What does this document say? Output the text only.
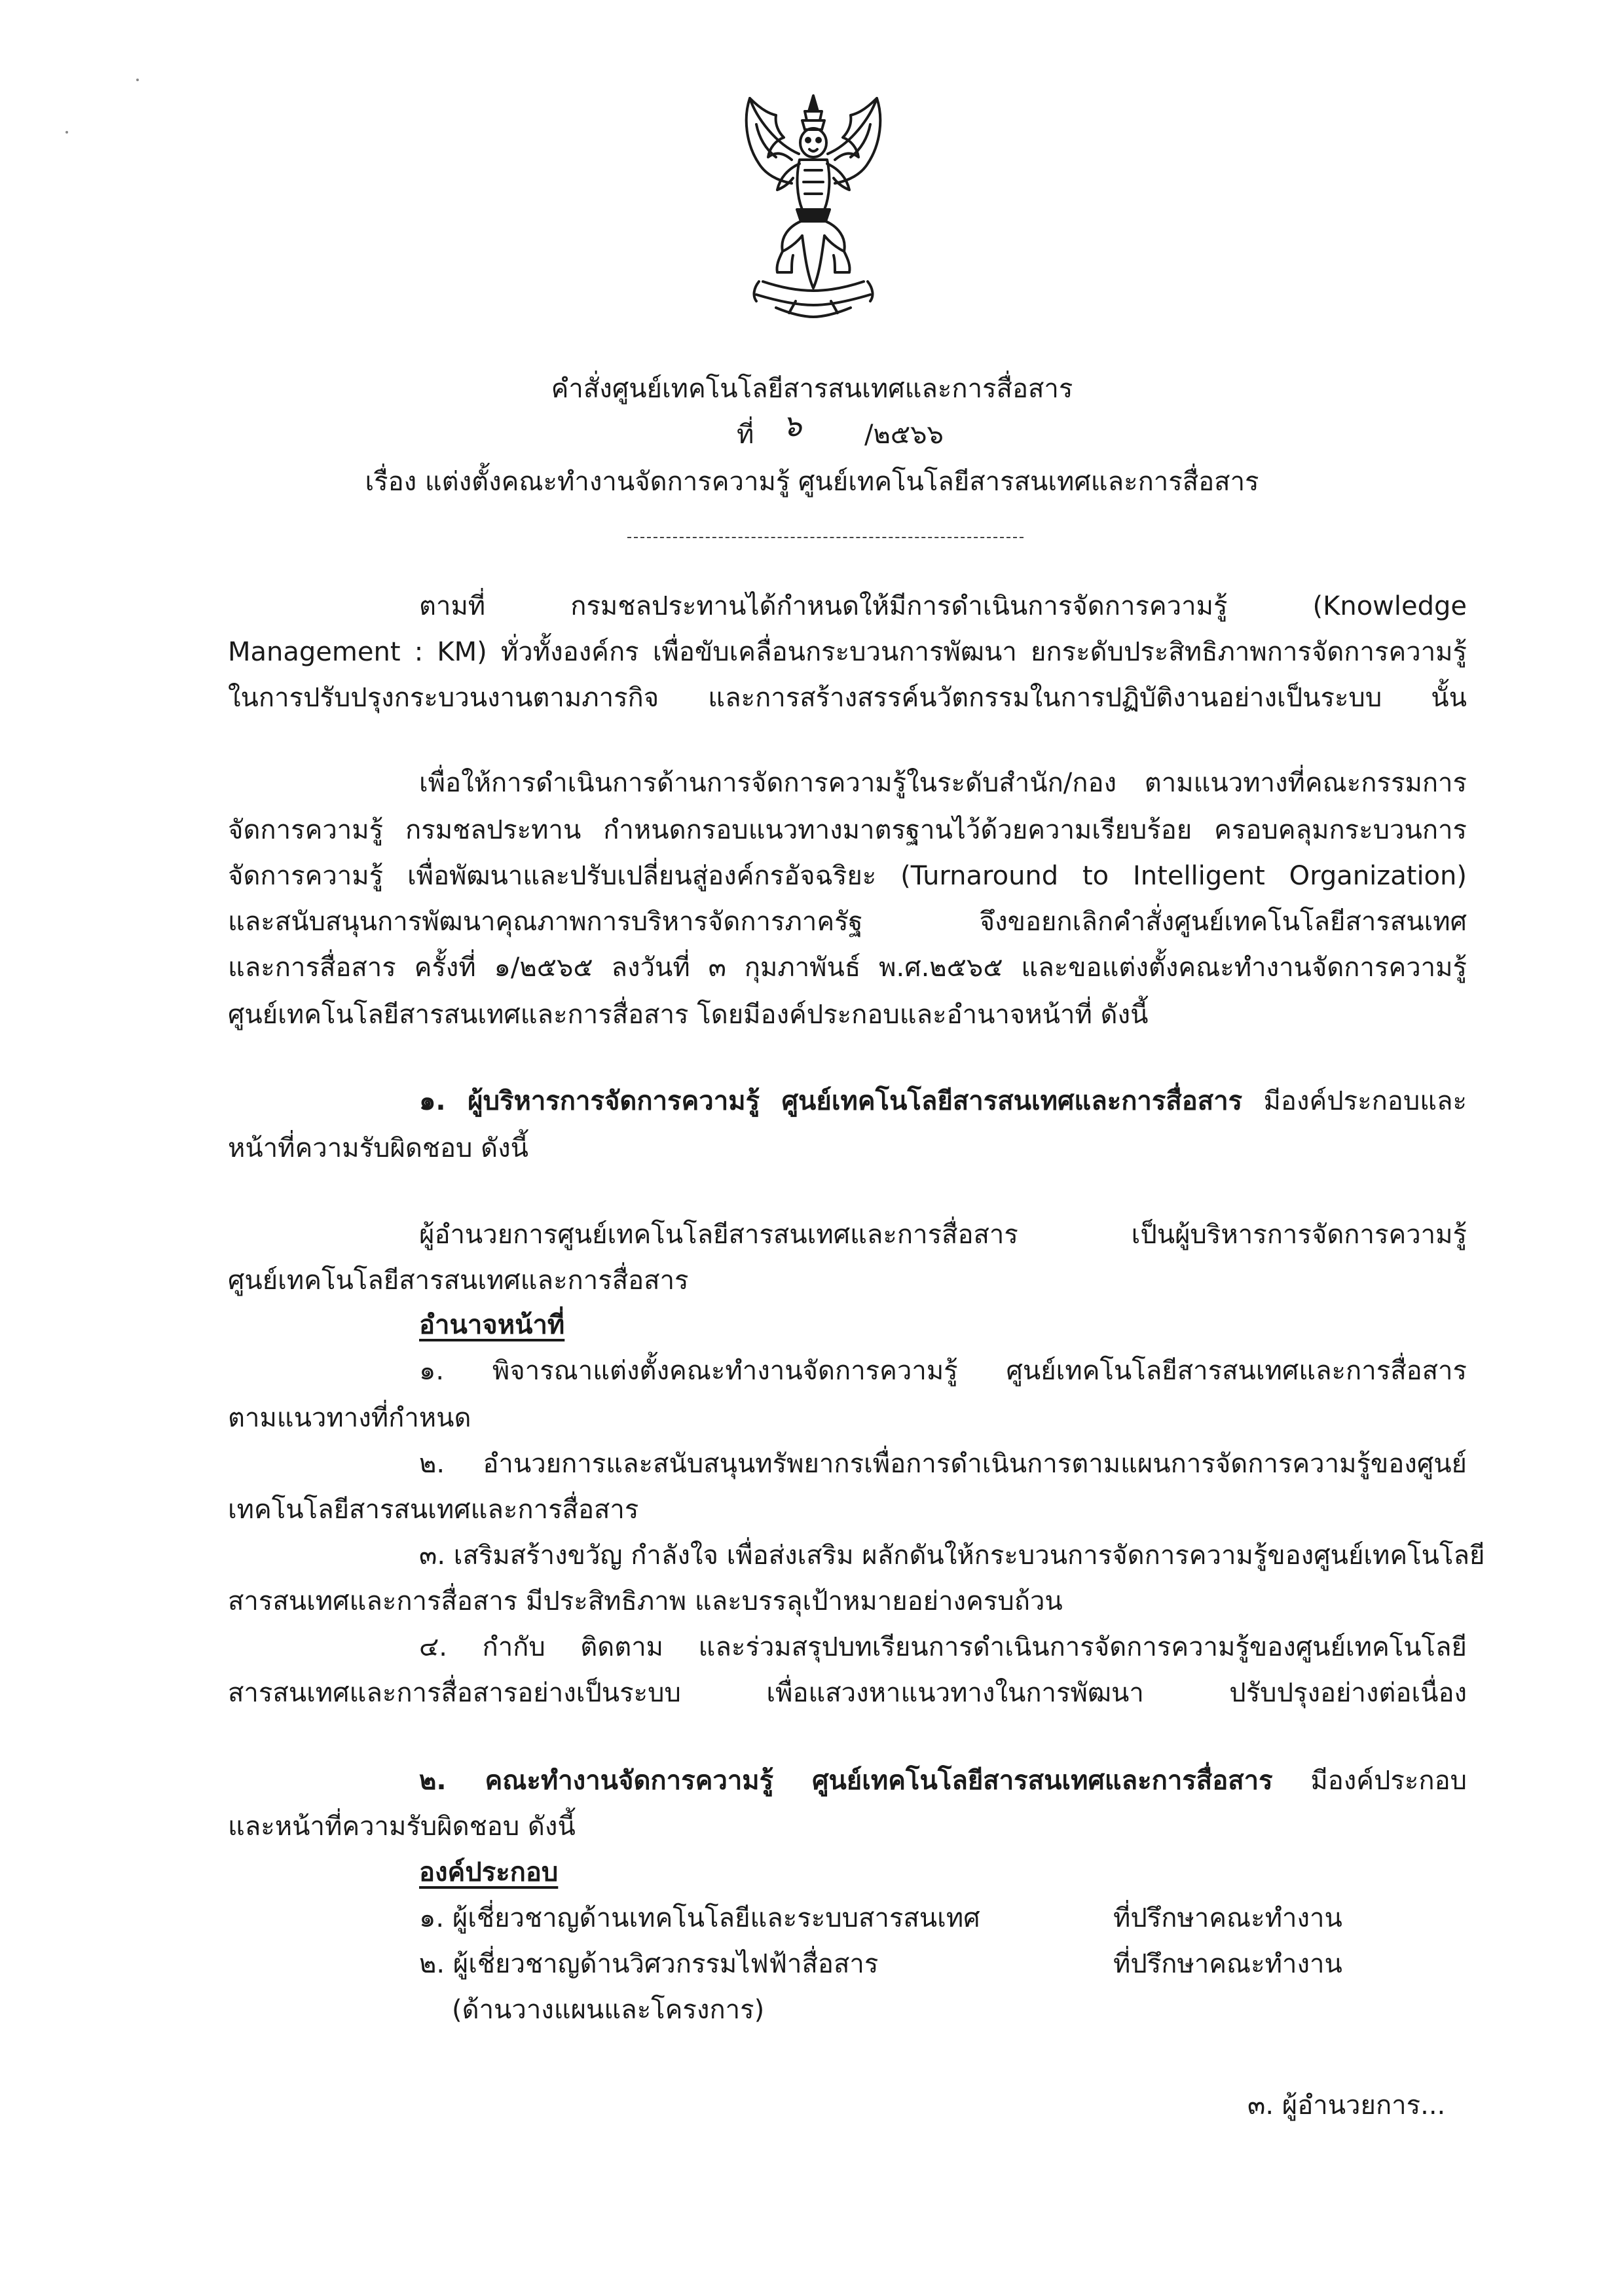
คำสั่งศูนย์เทคโนโลยีสารสนเทศและการสื่อสาร
ที่ ๖ /๒๕๖๖
เรื่อง แต่งตั้งคณะทำงานจัดการความรู้ ศูนย์เทคโนโลยีสารสนเทศและการสื่อสาร
ตามที่ กรมชลประทานได้กำหนดให้มีการดำเนินการจัดการความรู้ (Knowledge
Management : KM) ทั่วทั้งองค์กร เพื่อขับเคลื่อนกระบวนการพัฒนา ยกระดับประสิทธิภาพการจัดการความรู้
ในการปรับปรุงกระบวนงานตามภารกิจ และการสร้างสรรค์นวัตกรรมในการปฏิบัติงานอย่างเป็นระบบ นั้น
เพื่อให้การดำเนินการด้านการจัดการความรู้ในระดับสำนัก/กอง ตามแนวทางที่คณะกรรมการ
จัดการความรู้ กรมชลประทาน กำหนดกรอบแนวทางมาตรฐานไว้ด้วยความเรียบร้อย ครอบคลุมกระบวนการ
จัดการความรู้ เพื่อพัฒนาและปรับเปลี่ยนสู่องค์กรอัจฉริยะ (Turnaround to Intelligent Organization)
และสนับสนุนการพัฒนาคุณภาพการบริหารจัดการภาครัฐ จึงขอยกเลิกคำสั่งศูนย์เทคโนโลยีสารสนเทศ
และการสื่อสาร ครั้งที่ ๑/๒๕๖๕ ลงวันที่ ๓ กุมภาพันธ์ พ.ศ.๒๕๖๕ และขอแต่งตั้งคณะทำงานจัดการความรู้
ศูนย์เทคโนโลยีสารสนเทศและการสื่อสาร โดยมีองค์ประกอบและอำนาจหน้าที่ ดังนี้
๑. ผู้บริหารการจัดการความรู้ ศูนย์เทคโนโลยีสารสนเทศและการสื่อสาร มีองค์ประกอบและ
หน้าที่ความรับผิดชอบ ดังนี้
ผู้อำนวยการศูนย์เทคโนโลยีสารสนเทศและการสื่อสาร เป็นผู้บริหารการจัดการความรู้
ศูนย์เทคโนโลยีสารสนเทศและการสื่อสาร
อำนาจหน้าที่
๑. พิจารณาแต่งตั้งคณะทำงานจัดการความรู้ ศูนย์เทคโนโลยีสารสนเทศและการสื่อสาร
ตามแนวทางที่กำหนด
๒. อำนวยการและสนับสนุนทรัพยากรเพื่อการดำเนินการตามแผนการจัดการความรู้ของศูนย์
เทคโนโลยีสารสนเทศและการสื่อสาร
๓. เสริมสร้างขวัญ กำลังใจ เพื่อส่งเสริม ผลักดันให้กระบวนการจัดการความรู้ของศูนย์เทคโนโลยี
สารสนเทศและการสื่อสาร มีประสิทธิภาพ และบรรลุเป้าหมายอย่างครบถ้วน
๔. กำกับ ติดตาม และร่วมสรุปบทเรียนการดำเนินการจัดการความรู้ของศูนย์เทคโนโลยี
สารสนเทศและการสื่อสารอย่างเป็นระบบ เพื่อแสวงหาแนวทางในการพัฒนา ปรับปรุงอย่างต่อเนื่อง
๒. คณะทำงานจัดการความรู้ ศูนย์เทคโนโลยีสารสนเทศและการสื่อสาร มีองค์ประกอบ
และหน้าที่ความรับผิดชอบ ดังนี้
องค์ประกอบ
๑. ผู้เชี่ยวชาญด้านเทคโนโลยีและระบบสารสนเทศ	ที่ปรึกษาคณะทำงาน
๒. ผู้เชี่ยวชาญด้านวิศวกรรมไฟฟ้าสื่อสาร	ที่ปรึกษาคณะทำงาน
(ด้านวางแผนและโครงการ)
๓. ผู้อำนวยการ...
